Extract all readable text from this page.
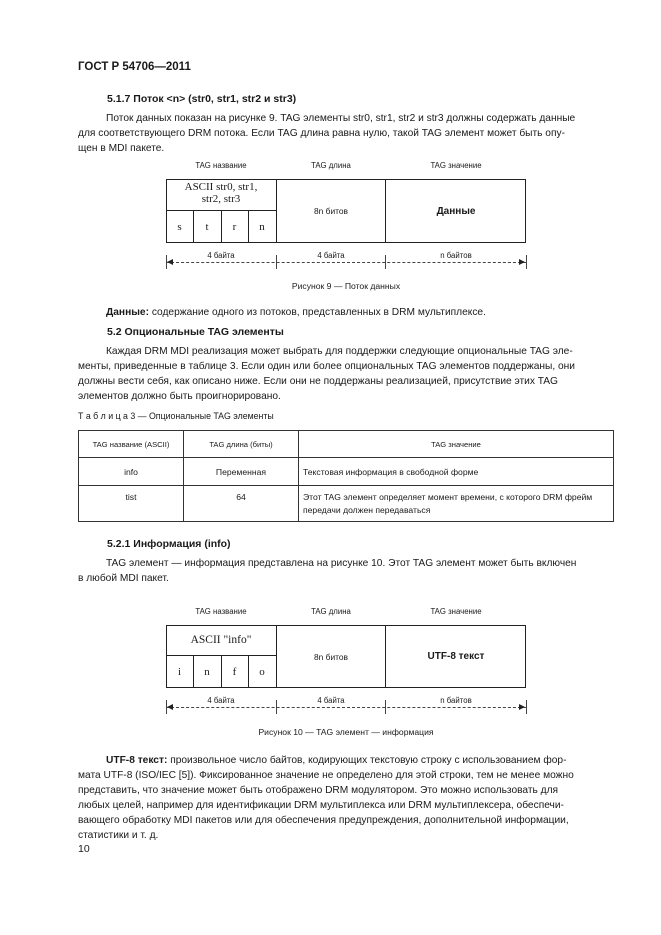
ГОСТ Р 54706—2011
5.1.7 Поток <n> (str0, str1, str2 и str3)
Поток данных показан на рисунке 9. TAG элементы str0, str1, str2 и str3 должны содержать данные
для соответствующего DRM потока. Если TAG длина равна нулю, такой TAG элемент может быть опу-
щен в MDI пакете.
TAG название	TAG длина	TAG значение
ASCII str0, str1,
str2, str3
s	t	r	n
8n битов	Данные
4 байта	4 байта	n байтов
Рисунок 9 — Поток данных
Данные: содержание одного из потоков, представленных в DRM мультиплексе.
5.2 Опциональные TAG элементы
Каждая DRM MDI реализация может выбрать для поддержки следующие опциональные TAG эле-
менты, приведенные в таблице 3. Если один или более опциональных TAG элементов поддержаны, они
должны вести себя, как описано ниже. Если они не поддержаны реализацией, присутствие этих TAG
элементов должно быть проигнорировано.
Т а б л и ц а 3 — Опциональные TAG элементы
TAG название (ASCII)	TAG длина (биты)	TAG значение
info	Переменная	Текстовая информация в свободной форме
tist	64	Этот TAG элемент определяет момент времени, с которого DRM фрейм передачи должен передаваться
5.2.1 Информация (info)
TAG элемент — информация представлена на рисунке 10. Этот TAG элемент может быть включен
в любой MDI пакет.
TAG название	TAG длина	TAG значение
ASCII "info"
i	n	f	o
8n битов	UTF-8 текст
4 байта	4 байта	n байтов
Рисунок 10 — TAG элемент — информация
UTF-8 текст: произвольное число байтов, кодирующих текстовую строку с использованием фор-
мата UTF-8 (ISO/IEC [5]). Фиксированное значение не определено для этой строки, тем не менее можно
представить, что значение может быть отображено DRM модулятором. Это можно использовать для
любых целей, например для идентификации DRM мультиплекса или DRM мультиплексера, обеспечи-
вающего обработку MDI пакетов или для обеспечения предупреждения, дополнительной информации,
статистики и т. д.
10
